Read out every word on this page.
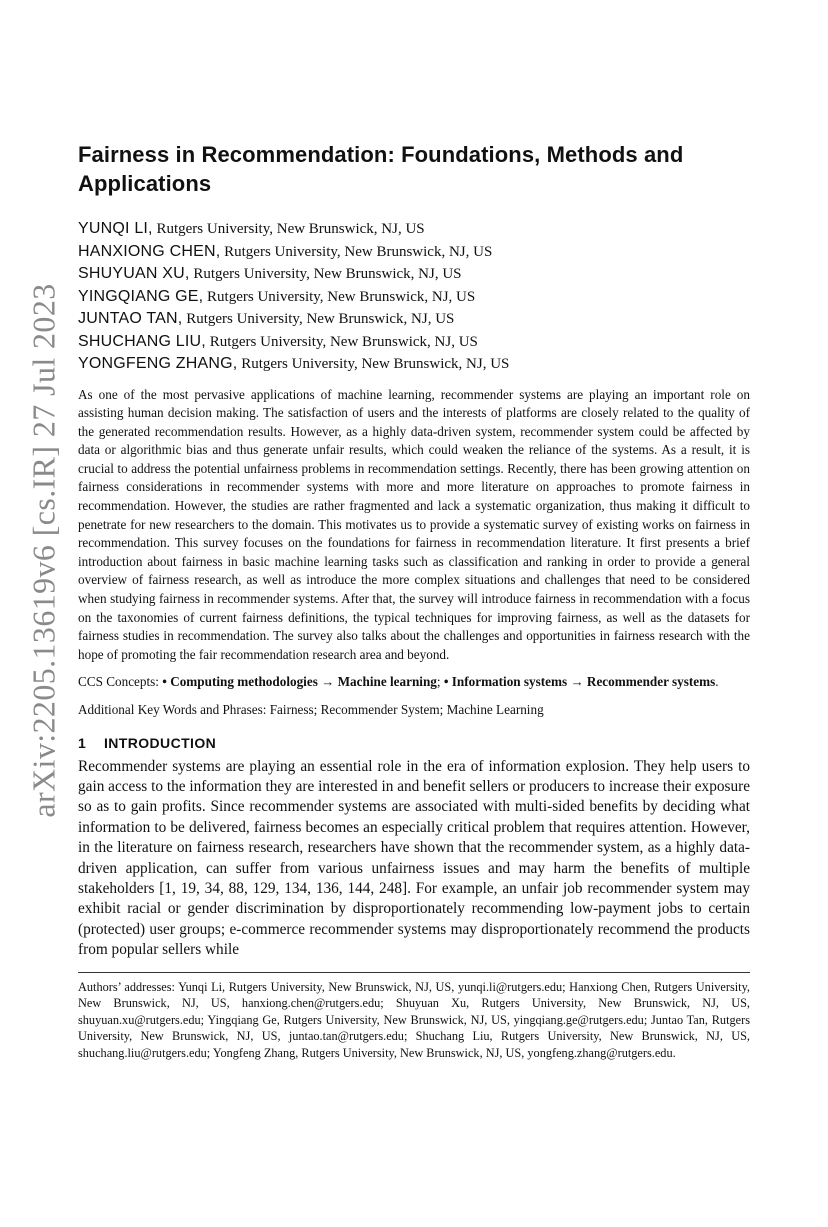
arXiv:2205.13619v6 [cs.IR] 27 Jul 2023
Fairness in Recommendation: Foundations, Methods and Applications
YUNQI LI, Rutgers University, New Brunswick, NJ, US
HANXIONG CHEN, Rutgers University, New Brunswick, NJ, US
SHUYUAN XU, Rutgers University, New Brunswick, NJ, US
YINGQIANG GE, Rutgers University, New Brunswick, NJ, US
JUNTAO TAN, Rutgers University, New Brunswick, NJ, US
SHUCHANG LIU, Rutgers University, New Brunswick, NJ, US
YONGFENG ZHANG, Rutgers University, New Brunswick, NJ, US

As one of the most pervasive applications of machine learning, recommender systems are playing an important role on assisting human decision making. The satisfaction of users and the interests of platforms are closely related to the quality of the generated recommendation results. However, as a highly data-driven system, recommender system could be affected by data or algorithmic bias and thus generate unfair results, which could weaken the reliance of the systems. As a result, it is crucial to address the potential unfairness problems in recommendation settings. Recently, there has been growing attention on fairness considerations in recommender systems with more and more literature on approaches to promote fairness in recommendation. However, the studies are rather fragmented and lack a systematic organization, thus making it difficult to penetrate for new researchers to the domain. This motivates us to provide a systematic survey of existing works on fairness in recommendation. This survey focuses on the foundations for fairness in recommendation literature. It first presents a brief introduction about fairness in basic machine learning tasks such as classification and ranking in order to provide a general overview of fairness research, as well as introduce the more complex situations and challenges that need to be considered when studying fairness in recommender systems. After that, the survey will introduce fairness in recommendation with a focus on the taxonomies of current fairness definitions, the typical techniques for improving fairness, as well as the datasets for fairness studies in recommendation. The survey also talks about the challenges and opportunities in fairness research with the hope of promoting the fair recommendation research area and beyond.

CCS Concepts: • Computing methodologies → Machine learning; • Information systems → Recommender systems.

Additional Key Words and Phrases: Fairness; Recommender System; Machine Learning

1 INTRODUCTION

Recommender systems are playing an essential role in the era of information explosion. They help users to gain access to the information they are interested in and benefit sellers or producers to increase their exposure so as to gain profits. Since recommender systems are associated with multi-sided benefits by deciding what information to be delivered, fairness becomes an especially critical problem that requires attention. However, in the literature on fairness research, researchers have shown that the recommender system, as a highly data-driven application, can suffer from various unfairness issues and may harm the benefits of multiple stakeholders [1, 19, 34, 88, 129, 134, 136, 144, 248]. For example, an unfair job recommender system may exhibit racial or gender discrimination by disproportionately recommending low-payment jobs to certain (protected) user groups; e-commerce recommender systems may disproportionately recommend the products from popular sellers while

Authors’ addresses: Yunqi Li, Rutgers University, New Brunswick, NJ, US, yunqi.li@rutgers.edu; Hanxiong Chen, Rutgers University, New Brunswick, NJ, US, hanxiong.chen@rutgers.edu; Shuyuan Xu, Rutgers University, New Brunswick, NJ, US, shuyuan.xu@rutgers.edu; Yingqiang Ge, Rutgers University, New Brunswick, NJ, US, yingqiang.ge@rutgers.edu; Juntao Tan, Rutgers University, New Brunswick, NJ, US, juntao.tan@rutgers.edu; Shuchang Liu, Rutgers University, New Brunswick, NJ, US, shuchang.liu@rutgers.edu; Yongfeng Zhang, Rutgers University, New Brunswick, NJ, US, yongfeng.zhang@rutgers.edu.
